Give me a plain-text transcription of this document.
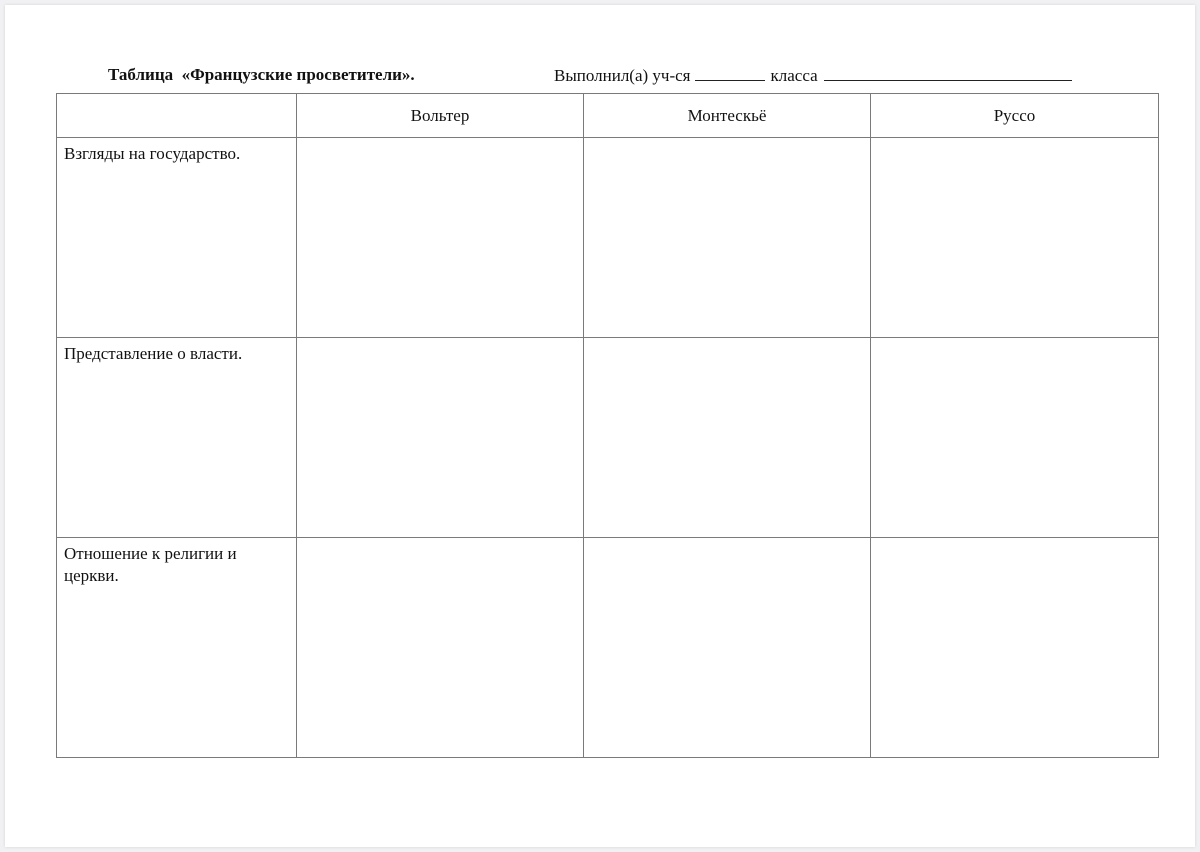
Таблица  «Французские просветители».	Выполнил(а) уч-ся	класса
	Вольтер	Монтескьё	Руссо
Взгляды на государство.			
Представление о власти.			
Отношение к религии и церкви.			
